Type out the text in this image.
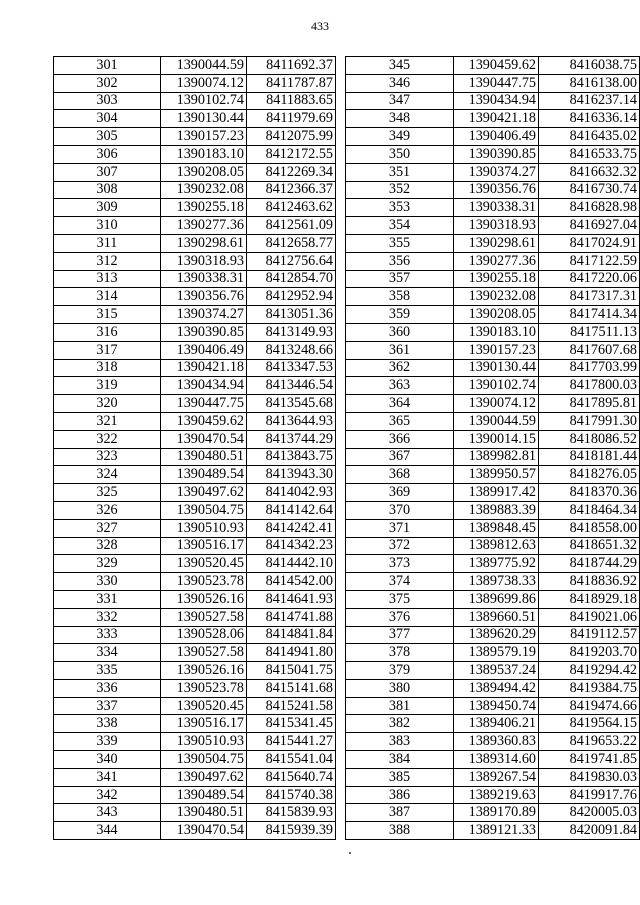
433
301	1390044.59	8411692.37
302	1390074.12	8411787.87
303	1390102.74	8411883.65
304	1390130.44	8411979.69
305	1390157.23	8412075.99
306	1390183.10	8412172.55
307	1390208.05	8412269.34
308	1390232.08	8412366.37
309	1390255.18	8412463.62
310	1390277.36	8412561.09
311	1390298.61	8412658.77
312	1390318.93	8412756.64
313	1390338.31	8412854.70
314	1390356.76	8412952.94
315	1390374.27	8413051.36
316	1390390.85	8413149.93
317	1390406.49	8413248.66
318	1390421.18	8413347.53
319	1390434.94	8413446.54
320	1390447.75	8413545.68
321	1390459.62	8413644.93
322	1390470.54	8413744.29
323	1390480.51	8413843.75
324	1390489.54	8413943.30
325	1390497.62	8414042.93
326	1390504.75	8414142.64
327	1390510.93	8414242.41
328	1390516.17	8414342.23
329	1390520.45	8414442.10
330	1390523.78	8414542.00
331	1390526.16	8414641.93
332	1390527.58	8414741.88
333	1390528.06	8414841.84
334	1390527.58	8414941.80
335	1390526.16	8415041.75
336	1390523.78	8415141.68
337	1390520.45	8415241.58
338	1390516.17	8415341.45
339	1390510.93	8415441.27
340	1390504.75	8415541.04
341	1390497.62	8415640.74
342	1390489.54	8415740.38
343	1390480.51	8415839.93
344	1390470.54	8415939.39
345	1390459.62	8416038.75
346	1390447.75	8416138.00
347	1390434.94	8416237.14
348	1390421.18	8416336.14
349	1390406.49	8416435.02
350	1390390.85	8416533.75
351	1390374.27	8416632.32
352	1390356.76	8416730.74
353	1390338.31	8416828.98
354	1390318.93	8416927.04
355	1390298.61	8417024.91
356	1390277.36	8417122.59
357	1390255.18	8417220.06
358	1390232.08	8417317.31
359	1390208.05	8417414.34
360	1390183.10	8417511.13
361	1390157.23	8417607.68
362	1390130.44	8417703.99
363	1390102.74	8417800.03
364	1390074.12	8417895.81
365	1390044.59	8417991.30
366	1390014.15	8418086.52
367	1389982.81	8418181.44
368	1389950.57	8418276.05
369	1389917.42	8418370.36
370	1389883.39	8418464.34
371	1389848.45	8418558.00
372	1389812.63	8418651.32
373	1389775.92	8418744.29
374	1389738.33	8418836.92
375	1389699.86	8418929.18
376	1389660.51	8419021.06
377	1389620.29	8419112.57
378	1389579.19	8419203.70
379	1389537.24	8419294.42
380	1389494.42	8419384.75
381	1389450.74	8419474.66
382	1389406.21	8419564.15
383	1389360.83	8419653.22
384	1389314.60	8419741.85
385	1389267.54	8419830.03
386	1389219.63	8419917.76
387	1389170.89	8420005.03
388	1389121.33	8420091.84
